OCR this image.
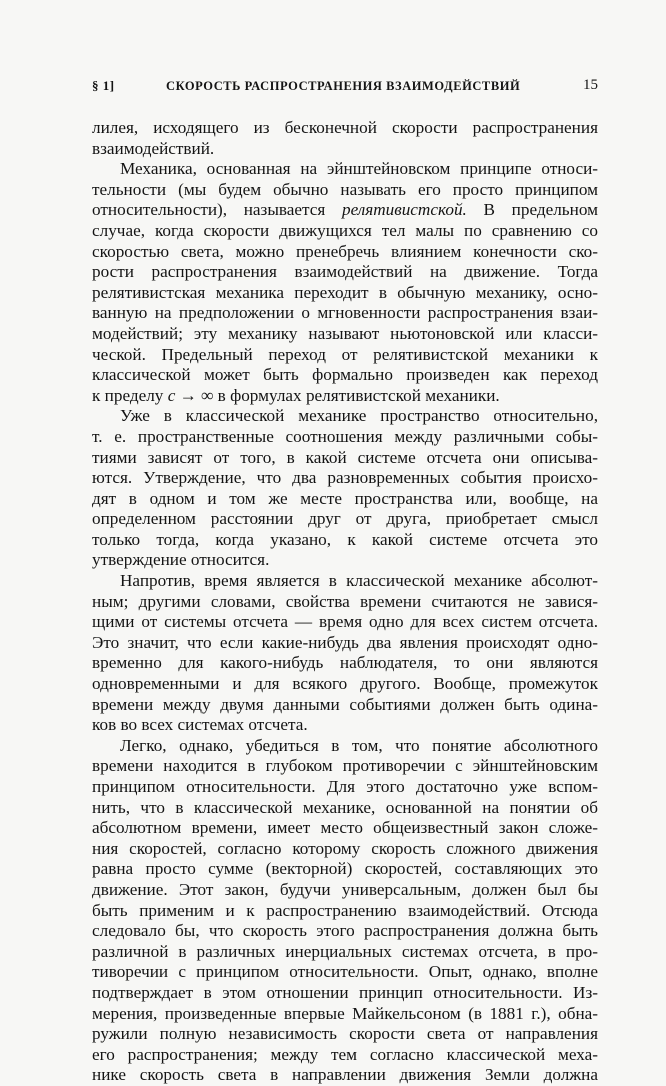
§ 1]	СКОРОСТЬ РАСПРОСТРАНЕНИЯ ВЗАИМОДЕЙСТВИЙ	15
лилея, исходящего из бесконечной скорости распространения
взаимодействий.
Механика, основанная на эйнштейновском принципе относи-
тельности (мы будем обычно называть его просто принципом
относительности), называется релятивистской. В предельном
случае, когда скорости движущихся тел малы по сравнению со
скоростью света, можно пренебречь влиянием конечности ско-
рости распространения взаимодействий на движение. Тогда
релятивистская механика переходит в обычную механику, осно-
ванную на предположении о мгновенности распространения взаи-
модействий; эту механику называют ньютоновской или класси-
ческой. Предельный переход от релятивистской механики к
классической может быть формально произведен как переход
к пределу c → ∞ в формулах релятивистской механики.
Уже в классической механике пространство относительно,
т. е. пространственные соотношения между различными собы-
тиями зависят от того, в какой системе отсчета они описыва-
ются. Утверждение, что два разновременных события происхо-
дят в одном и том же месте пространства или, вообще, на
определенном расстоянии друг от друга, приобретает смысл
только тогда, когда указано, к какой системе отсчета это
утверждение относится.
Напротив, время является в классической механике абсолют-
ным; другими словами, свойства времени считаются не завися-
щими от системы отсчета — время одно для всех систем отсчета.
Это значит, что если какие-нибудь два явления происходят одно-
временно для какого-нибудь наблюдателя, то они являются
одновременными и для всякого другого. Вообще, промежуток
времени между двумя данными событиями должен быть одина-
ков во всех системах отсчета.
Легко, однако, убедиться в том, что понятие абсолютного
времени находится в глубоком противоречии с эйнштейновским
принципом относительности. Для этого достаточно уже вспом-
нить, что в классической механике, основанной на понятии об
абсолютном времени, имеет место общеизвестный закон сложе-
ния скоростей, согласно которому скорость сложного движения
равна просто сумме (векторной) скоростей, составляющих это
движение. Этот закон, будучи универсальным, должен был бы
быть применим и к распространению взаимодействий. Отсюда
следовало бы, что скорость этого распространения должна быть
различной в различных инерциальных системах отсчета, в про-
тиворечии с принципом относительности. Опыт, однако, вполне
подтверждает в этом отношении принцип относительности. Из-
мерения, произведенные впервые Майкельсоном (в 1881 г.), обна-
ружили полную независимость скорости света от направления
его распространения; между тем согласно классической меха-
нике скорость света в направлении движения Земли должна
